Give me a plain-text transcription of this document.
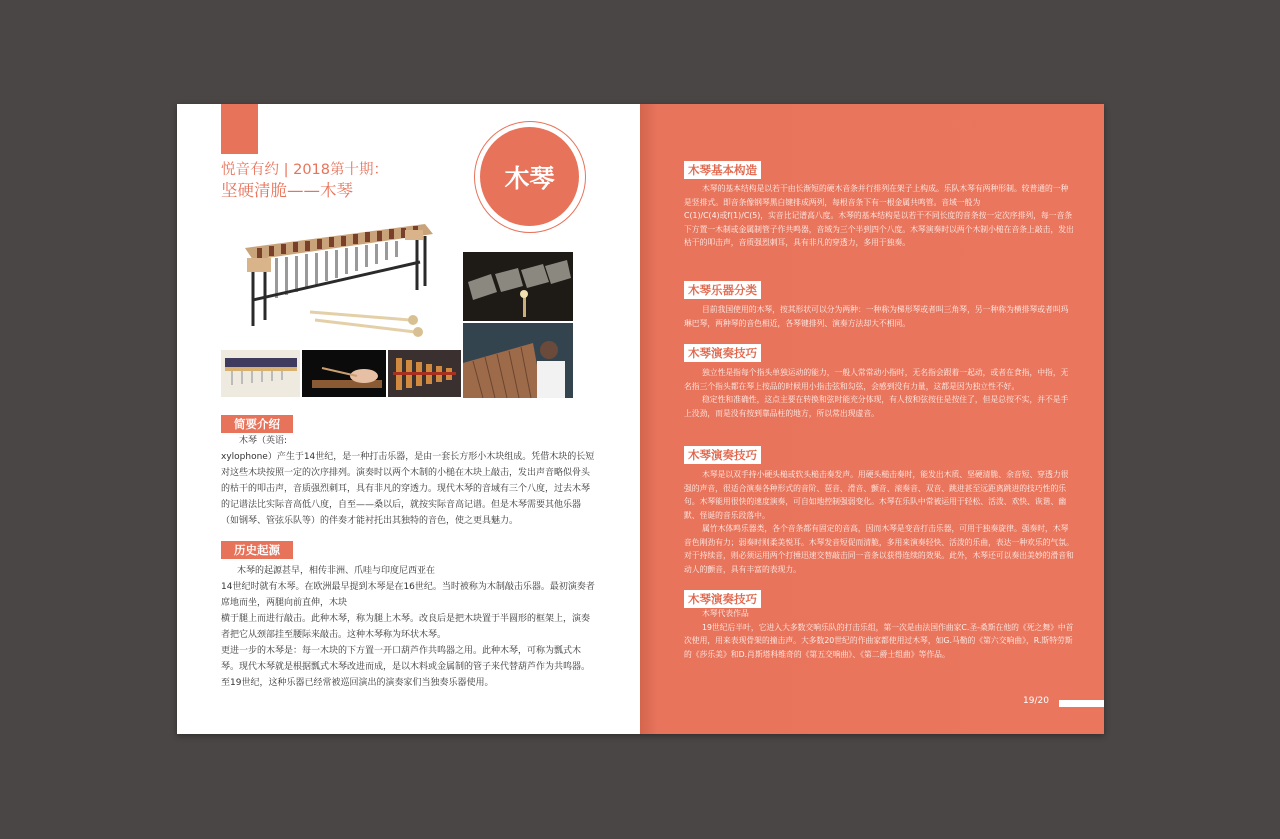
悦音有约 | 2018第十期：
坚硬清脆——木琴	木琴
简要介绍

木琴（英语:

xylophone）产生于14世纪，是一种打击乐器，是由一套长方形小木块组成。凭借木块的长短对这些木块按照一定的次序排列。演奏时以两个木制的小槌在木块上敲击，发出声音略似骨头的枯干的叩击声，音质强烈刺耳，具有非凡的穿透力。现代木琴的音域有三个八度，过去木琴的记谱法比实际音高低八度，自至——桑以后，就按实际音高记谱。但是木琴需要其他乐器（如钢琴、管弦乐队等）的伴奏才能衬托出其独特的音色，使之更具魅力。

历史起源

木琴的起源甚早，相传非洲、爪哇与印度尼西亚在

14世纪时就有木琴。在欧洲最早提到木琴是在16世纪。当时被称为木制敲击乐器。最初演奏者席地而坐，两腿向前直伸，木块

横于腿上而进行敲击。此种木琴，称为腿上木琴。改良后是把木块置于半圆形的框架上，演奏者把它从颈部挂至腰际来敲击。这种木琴称为环状木琴。

更进一步的木琴是：每一木块的下方置一开口葫芦作共鸣器之用。此种木琴，可称为瓢式木琴。现代木琴就是根据瓢式木琴改进而成，是以木料或金属制的管子来代替葫芦作为共鸣器。至19世纪，这种乐器已经常被巡回演出的演奏家们当独奏乐器使用。

木琴基本构造

木琴的基本结构是以若干由长渐短的硬木音条并行排列在架子上构成。乐队木琴有两种形制。较普通的一种是竖排式。即音条像钢琴黑白键排成两列，每根音条下有一根金属共鸣管。音域一般为

C(1)/C(4)或f(1)/C(5)，实音比记谱高八度。木琴的基本结构是以若干不同长度的音条按一定次序排列，每一音条下方置一木制或金属制管子作共鸣器，音域为三个半到四个八度。木琴演奏时以两个木制小槌在音条上敲击，发出枯干的叩击声，音质强烈刺耳，具有非凡的穿透力，多用于独奏。

木琴乐器分类

目前我国使用的木琴，按其形状可以分为两种：一种称为梯形琴或者叫三角琴，另一种称为横排琴或者叫玛琳巴琴，两种琴的音色相近，各琴键排列、演奏方法却大不相同。

木琴演奏技巧

独立性是指每个指头单独运动的能力，一般人常常动小指时，无名指会跟着一起动，或者在食指，中指，无名指三个指头都在琴上按品的时候用小指击弦和勾弦，会感到没有力量，这都是因为独立性不好。

稳定性和准确性，这点主要在转换和弦时能充分体现，有人按和弦按住是按住了，但是总按不实，并不是手上没劲，而是没有按到靠品柱的地方，所以常出现虚音。

木琴演奏技巧

木琴是以双手持小硬头槌或软头槌击奏发声。用硬头槌击奏时，能发出木质、坚硬清脆、余音短、穿透力很强的声音，很适合演奏各种形式的音阶、琶音、滑音、颤音、滚奏音、双音、跳进甚至远距离跳进的技巧性的乐句。木琴能用很快的速度演奏，可自如地控制强弱变化。木琴在乐队中常被运用于轻松、活泼、欢快、诙谐、幽默、怪诞的音乐段落中。

属竹木体鸣乐器类，各个音条都有固定的音高，因而木琴是变音打击乐器，可用于独奏旋律。强奏时，木琴音色刚劲有力；弱奏时则柔美悦耳。木琴发音短促而清脆，多用来演奏轻快、活泼的乐曲，表达一种欢乐的气氛。对于持续音，则必须运用两个打捶迅速交替敲击同一音条以获得连续的效果。此外，木琴还可以奏出美妙的滑音和动人的颤音，具有丰富的表现力。

木琴演奏技巧

木琴代表作品

19世纪后半叶，它进入大多数交响乐队的打击乐组，第一次是由法国作曲家C.圣-桑斯在他的《死之舞》中首次使用，用来表现骨架的撞击声。大多数20世纪的作曲家都使用过木琴，如G.马勒的《第六交响曲》，R.斯特劳斯的《莎乐美》和D.肖斯塔科维奇的《第五交响曲》、《第二爵士组曲》等作品。

19/20
